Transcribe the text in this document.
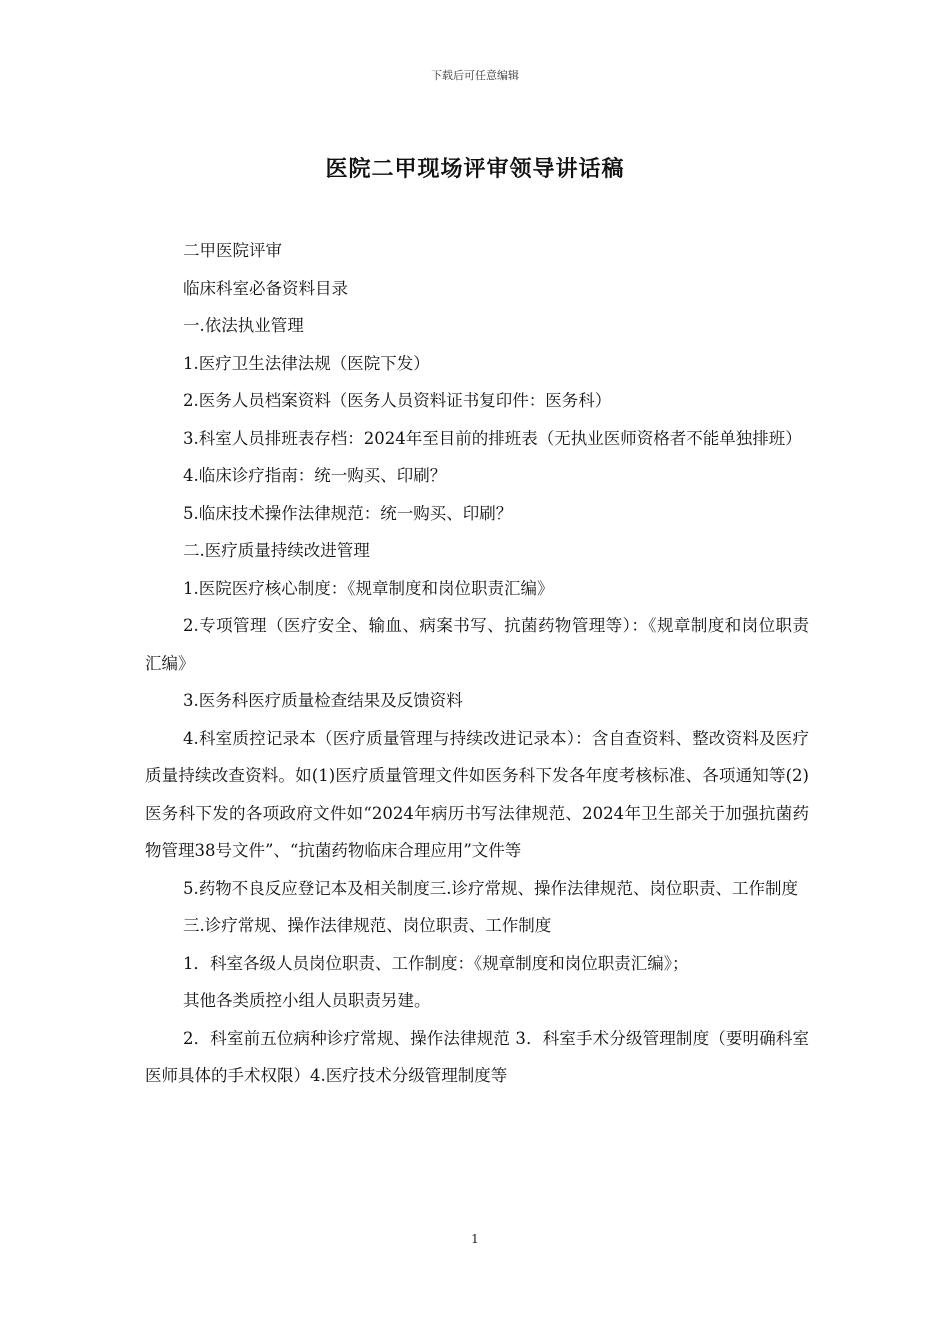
下载后可任意编辑
医院二甲现场评审领导讲话稿

二甲医院评审

临床科室必备资料目录

一.依法执业管理

1.医疗卫生法律法规（医院下发）

2.医务人员档案资料（医务人员资料证书复印件：医务科）

3.科室人员排班表存档：2024年至目前的排班表（无执业医师资格者不能单独排班）

4.临床诊疗指南：统一购买、印刷？

5.临床技术操作法律规范：统一购买、印刷？

二.医疗质量持续改进管理

1.医院医疗核心制度：《规章制度和岗位职责汇编》

2.专项管理（医疗安全、输血、病案书写、抗菌药物管理等）：《规章制度和岗位职责汇编》

3.医务科医疗质量检查结果及反馈资料

4.科室质控记录本（医疗质量管理与持续改进记录本）：含自查资料、整改资料及医疗质量持续改查资料。如(1)医疗质量管理文件如医务科下发各年度考核标准、各项通知等(2)医务科下发的各项政府文件如“2024年病历书写法律规范、2024年卫生部关于加强抗菌药物管理38号文件”、“抗菌药物临床合理应用”文件等

5.药物不良反应登记本及相关制度三.诊疗常规、操作法律规范、岗位职责、工作制度

三.诊疗常规、操作法律规范、岗位职责、工作制度

1．科室各级人员岗位职责、工作制度：《规章制度和岗位职责汇编》；

其他各类质控小组人员职责另建。

2．科室前五位病种诊疗常规、操作法律规范 3．科室手术分级管理制度（要明确科室医师具体的手术权限）4.医疗技术分级管理制度等

1
